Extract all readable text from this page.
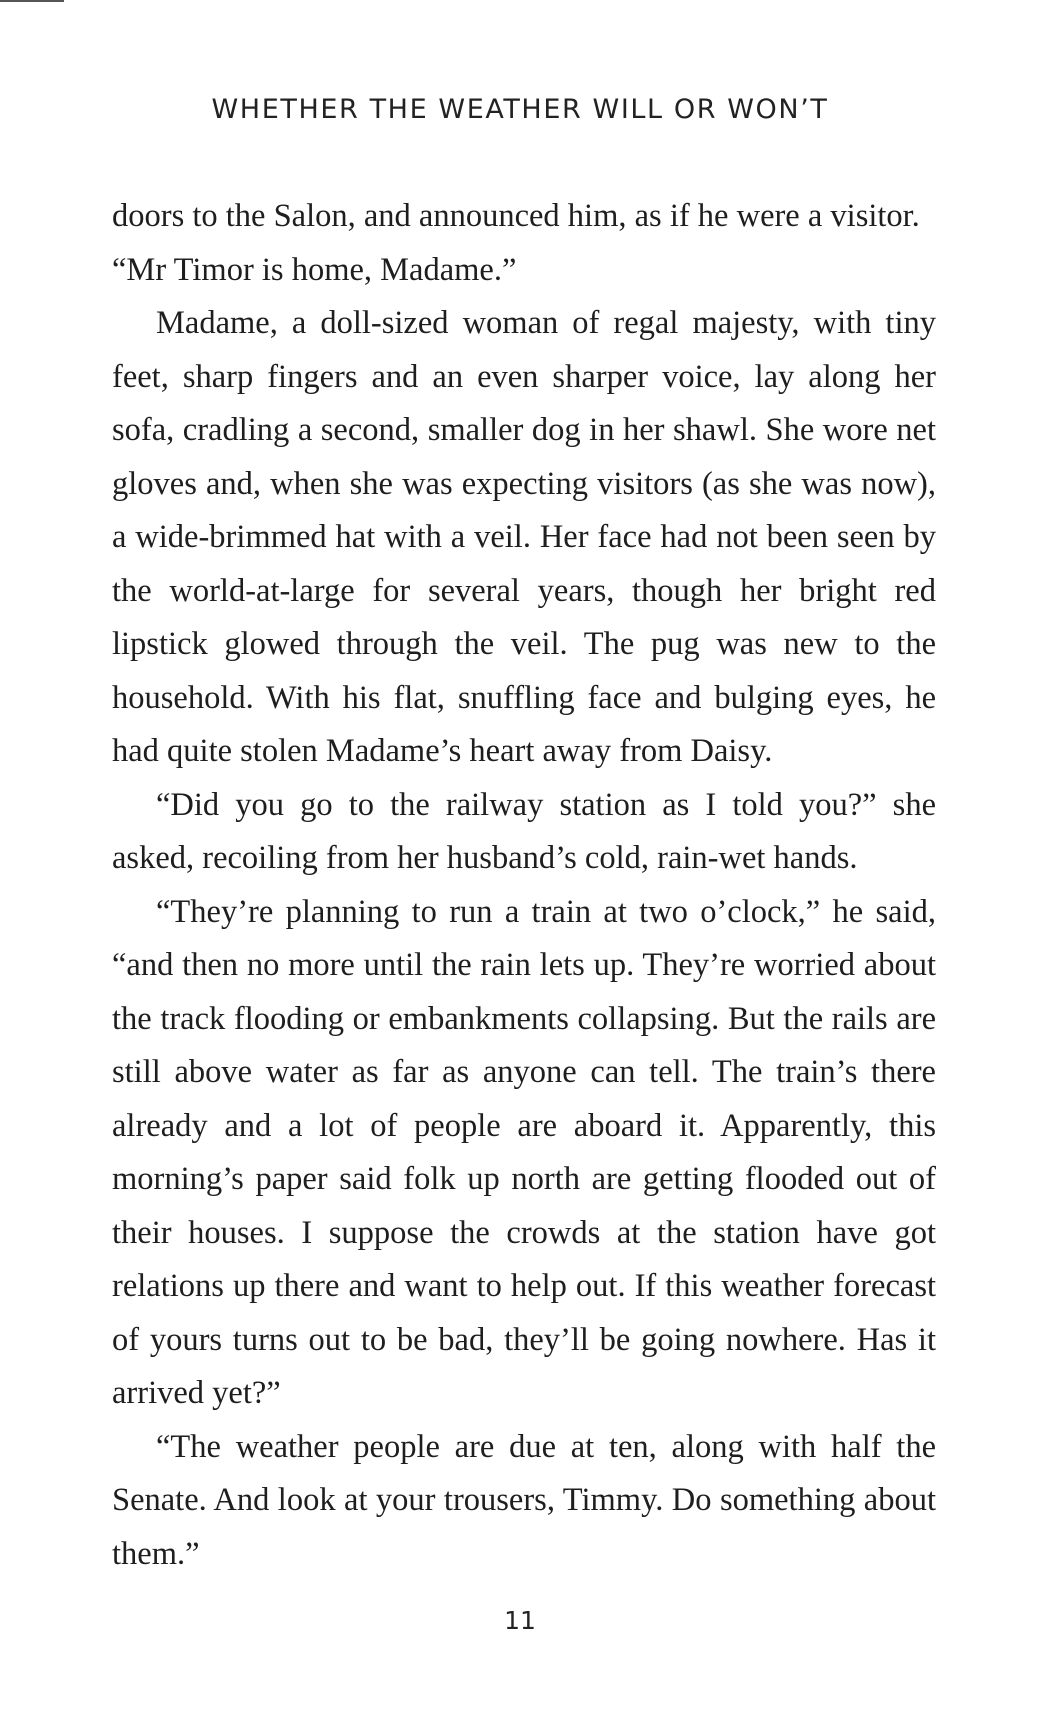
WHETHER THE WEATHER WILL OR WON’T

doors to the Salon, and announced him, as if he were a visitor.

“Mr Timor is home, Madame.”

Madame, a doll-sized woman of regal majesty, with tiny feet, sharp fingers and an even sharper voice, lay along her sofa, cradling a second, smaller dog in her shawl. She wore net gloves and, when she was expecting visitors (as she was now), a wide-brimmed hat with a veil. Her face had not been seen by the world-at-large for several years, though her bright red lipstick glowed through the veil. The pug was new to the household. With his flat, snuffling face and bulging eyes, he had quite stolen Madame’s heart away from Daisy.

“Did you go to the railway station as I told you?” she asked, recoiling from her husband’s cold, rain-wet hands.

“They’re planning to run a train at two o’clock,” he said, “and then no more until the rain lets up. They’re worried about the track flooding or embankments collapsing. But the rails are still above water as far as anyone can tell. The train’s there already and a lot of people are aboard it. Apparently, this morning’s paper said folk up north are getting flooded out of their houses. I suppose the crowds at the station have got relations up there and want to help out. If this weather forecast of yours turns out to be bad, they’ll be going nowhere. Has it arrived yet?”

“The weather people are due at ten, along with half the Senate. And look at your trousers, Timmy. Do something about them.”

11
